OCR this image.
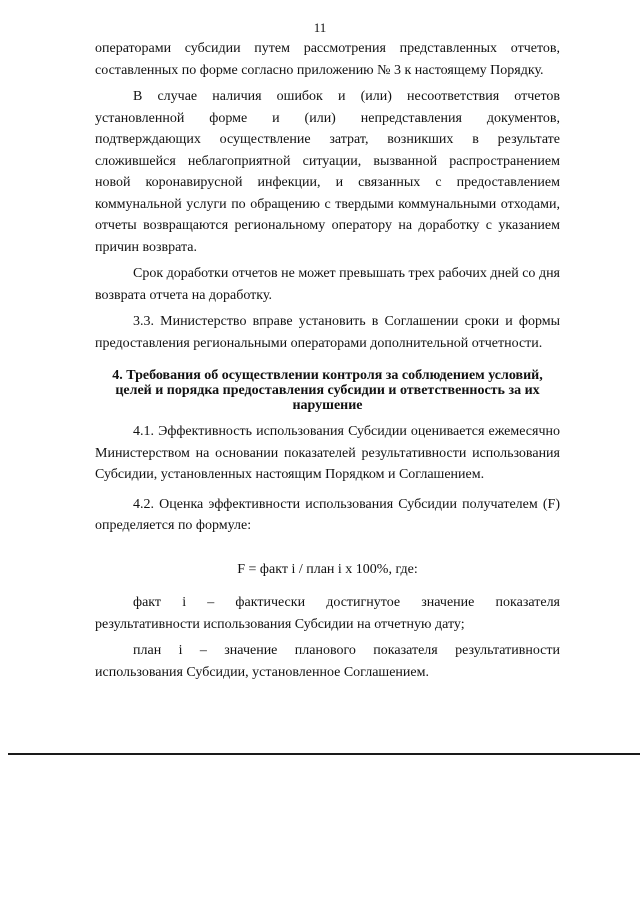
11

операторами субсидии путем рассмотрения представленных отчетов, составленных по форме согласно приложению № 3 к настоящему Порядку.

В случае наличия ошибок и (или) несоответствия отчетов установленной форме и (или) непредставления документов, подтверждающих осуществление затрат, возникших в результате сложившейся неблагоприятной ситуации, вызванной распространением новой коронавирусной инфекции, и связанных с предоставлением коммунальной услуги по обращению с твердыми коммунальными отходами, отчеты возвращаются региональному оператору на доработку с указанием причин возврата.

Срок доработки отчетов не может превышать трех рабочих дней со дня возврата отчета на доработку.

3.3. Министерство вправе установить в Соглашении сроки и формы предоставления региональными операторами дополнительной отчетности.

4. Требования об осуществлении контроля за соблюдением условий, целей и порядка предоставления субсидии и ответственность за их нарушение

4.1. Эффективность использования Субсидии оценивается ежемесячно Министерством на основании показателей результативности использования Субсидии, установленных настоящим Порядком и Соглашением.

4.2. Оценка эффективности использования Субсидии получателем (F) определяется по формуле:

F = факт i / план i x 100%, где:

факт i – фактически достигнутое значение показателя результативности использования Субсидии на отчетную дату;

план i – значение планового показателя результативности использования Субсидии, установленное Соглашением.
